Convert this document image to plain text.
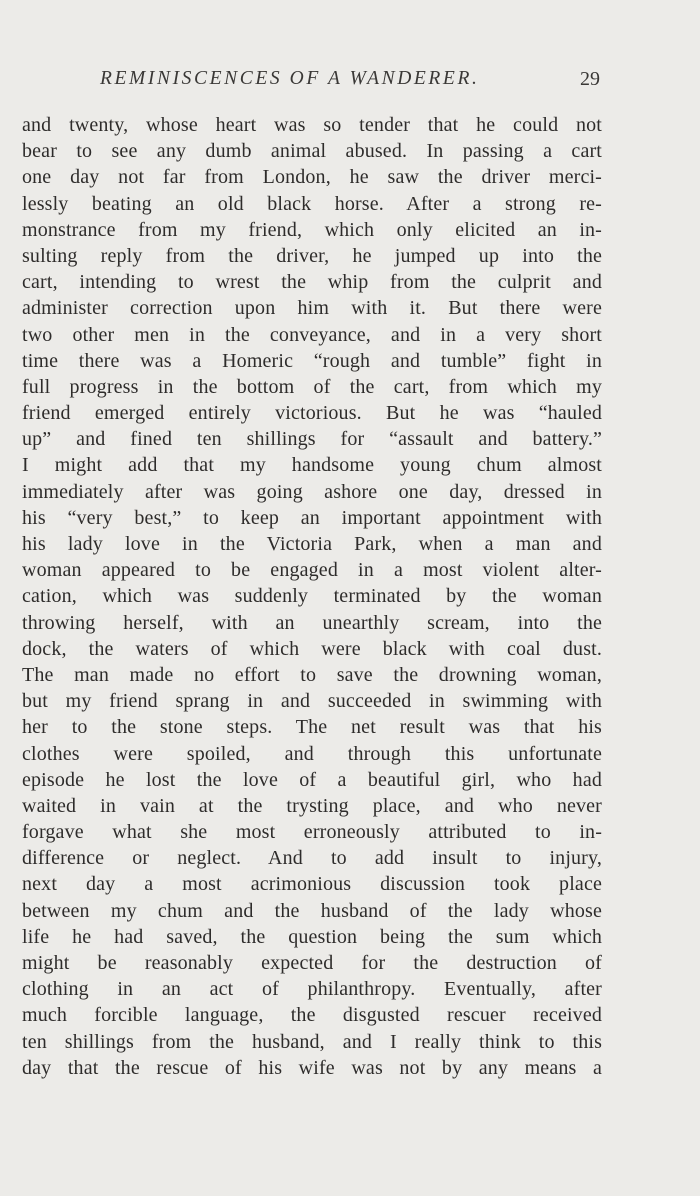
REMINISCENCES OF A WANDERER.	29
and twenty, whose heart was so tender that he could not
bear to see any dumb animal abused. In passing a cart
one day not far from London, he saw the driver merci-
lessly beating an old black horse. After a strong re-
monstrance from my friend, which only elicited an in-
sulting reply from the driver, he jumped up into the
cart, intending to wrest the whip from the culprit and
administer correction upon him with it. But there were
two other men in the conveyance, and in a very short
time there was a Homeric “rough and tumble” fight in
full progress in the bottom of the cart, from which my
friend emerged entirely victorious. But he was “hauled
up” and fined ten shillings for “assault and battery.”
I might add that my handsome young chum almost
immediately after was going ashore one day, dressed in
his “very best,” to keep an important appointment with
his lady love in the Victoria Park, when a man and
woman appeared to be engaged in a most violent alter-
cation, which was suddenly terminated by the woman
throwing herself, with an unearthly scream, into the
dock, the waters of which were black with coal dust.
The man made no effort to save the drowning woman,
but my friend sprang in and succeeded in swimming with
her to the stone steps. The net result was that his
clothes were spoiled, and through this unfortunate
episode he lost the love of a beautiful girl, who had
waited in vain at the trysting place, and who never
forgave what she most erroneously attributed to in-
difference or neglect. And to add insult to injury,
next day a most acrimonious discussion took place
between my chum and the husband of the lady whose
life he had saved, the question being the sum which
might be reasonably expected for the destruction of
clothing in an act of philanthropy. Eventually, after
much forcible language, the disgusted rescuer received
ten shillings from the husband, and I really think to this
day that the rescue of his wife was not by any means a
